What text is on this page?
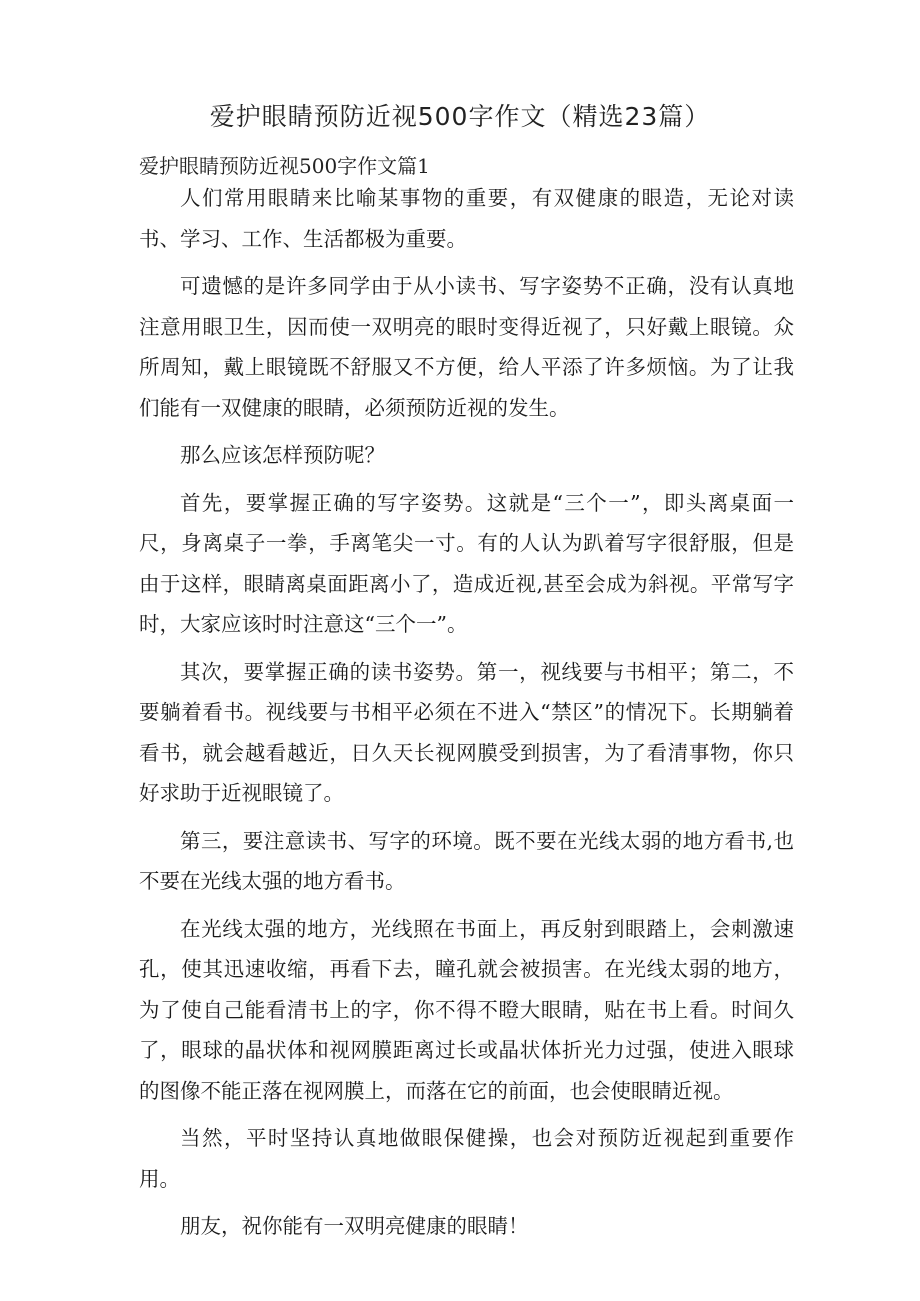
爱护眼睛预防近视500字作文（精选23篇）
爱护眼睛预防近视500字作文篇1

人们常用眼睛来比喻某事物的重要，有双健康的眼造，无论对读书、学习、工作、生活都极为重要。

可遗憾的是许多同学由于从小读书、写字姿势不正确，没有认真地注意用眼卫生，因而使一双明亮的眼时变得近视了，只好戴上眼镜。众所周知，戴上眼镜既不舒服又不方便，给人平添了许多烦恼。为了让我们能有一双健康的眼睛，必须预防近视的发生。

那么应该怎样预防呢？

首先，要掌握正确的写字姿势。这就是“三个一”，即头离桌面一尺，身离桌子一拳，手离笔尖一寸。有的人认为趴着写字很舒服，但是由于这样，眼睛离桌面距离小了，造成近视,甚至会成为斜视。平常写字时，大家应该时时注意这“三个一”。

其次，要掌握正确的读书姿势。第一，视线要与书相平；第二，不要躺着看书。视线要与书相平必须在不进入“禁区”的情况下。长期躺着看书，就会越看越近，日久天长视网膜受到损害，为了看清事物，你只好求助于近视眼镜了。

第三，要注意读书、写字的环境。既不要在光线太弱的地方看书,也不要在光线太强的地方看书。

在光线太强的地方，光线照在书面上，再反射到眼踏上，会刺激速孔，使其迅速收缩，再看下去，瞳孔就会被损害。在光线太弱的地方，为了使自己能看清书上的字，你不得不瞪大眼睛，贴在书上看。时间久了，眼球的晶状体和视网膜距离过长或晶状体折光力过强，使进入眼球的图像不能正落在视网膜上，而落在它的前面，也会使眼睛近视。

当然，平时坚持认真地做眼保健操，也会对预防近视起到重要作用。

朋友，祝你能有一双明亮健康的眼睛！
